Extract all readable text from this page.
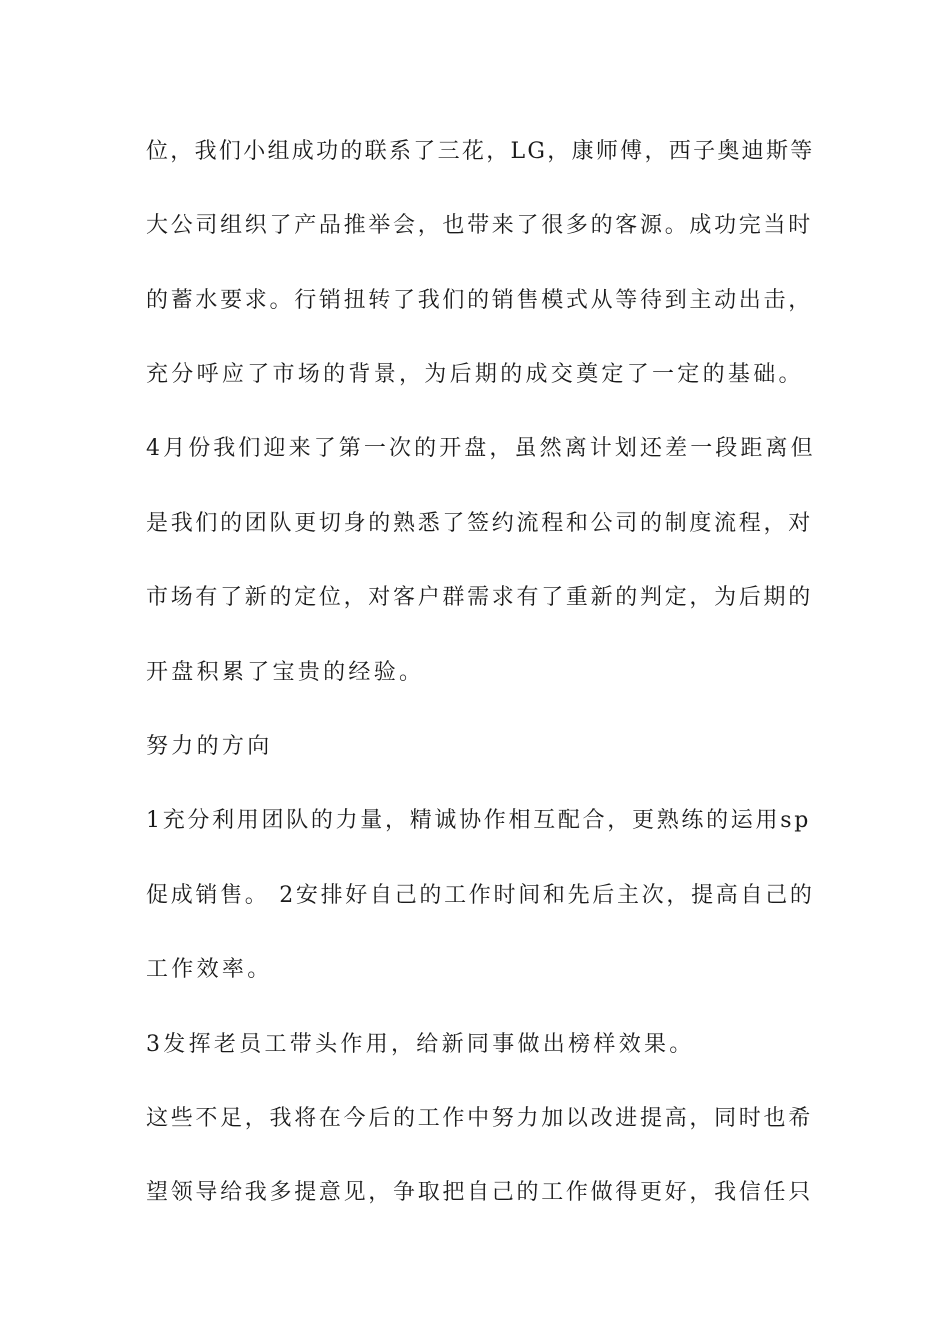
位，我们小组成功的联系了三花，LG，康师傅，西子奥迪斯等
大公司组织了产品推举会，也带来了很多的客源。成功完当时
的蓄水要求。行销扭转了我们的销售模式从等待到主动出击，
充分呼应了市场的背景，为后期的成交奠定了一定的基础。
4月份我们迎来了第一次的开盘，虽然离计划还差一段距离但
是我们的团队更切身的熟悉了签约流程和公司的制度流程，对
市场有了新的定位，对客户群需求有了重新的判定，为后期的
开盘积累了宝贵的经验。
努力的方向
1充分利用团队的力量，精诚协作相互配合，更熟练的运用sp
促成销售。 2安排好自己的工作时间和先后主次，提高自己的
工作效率。
3发挥老员工带头作用，给新同事做出榜样效果。
这些不足，我将在今后的工作中努力加以改进提高，同时也希
望领导给我多提意见，争取把自己的工作做得更好，我信任只
